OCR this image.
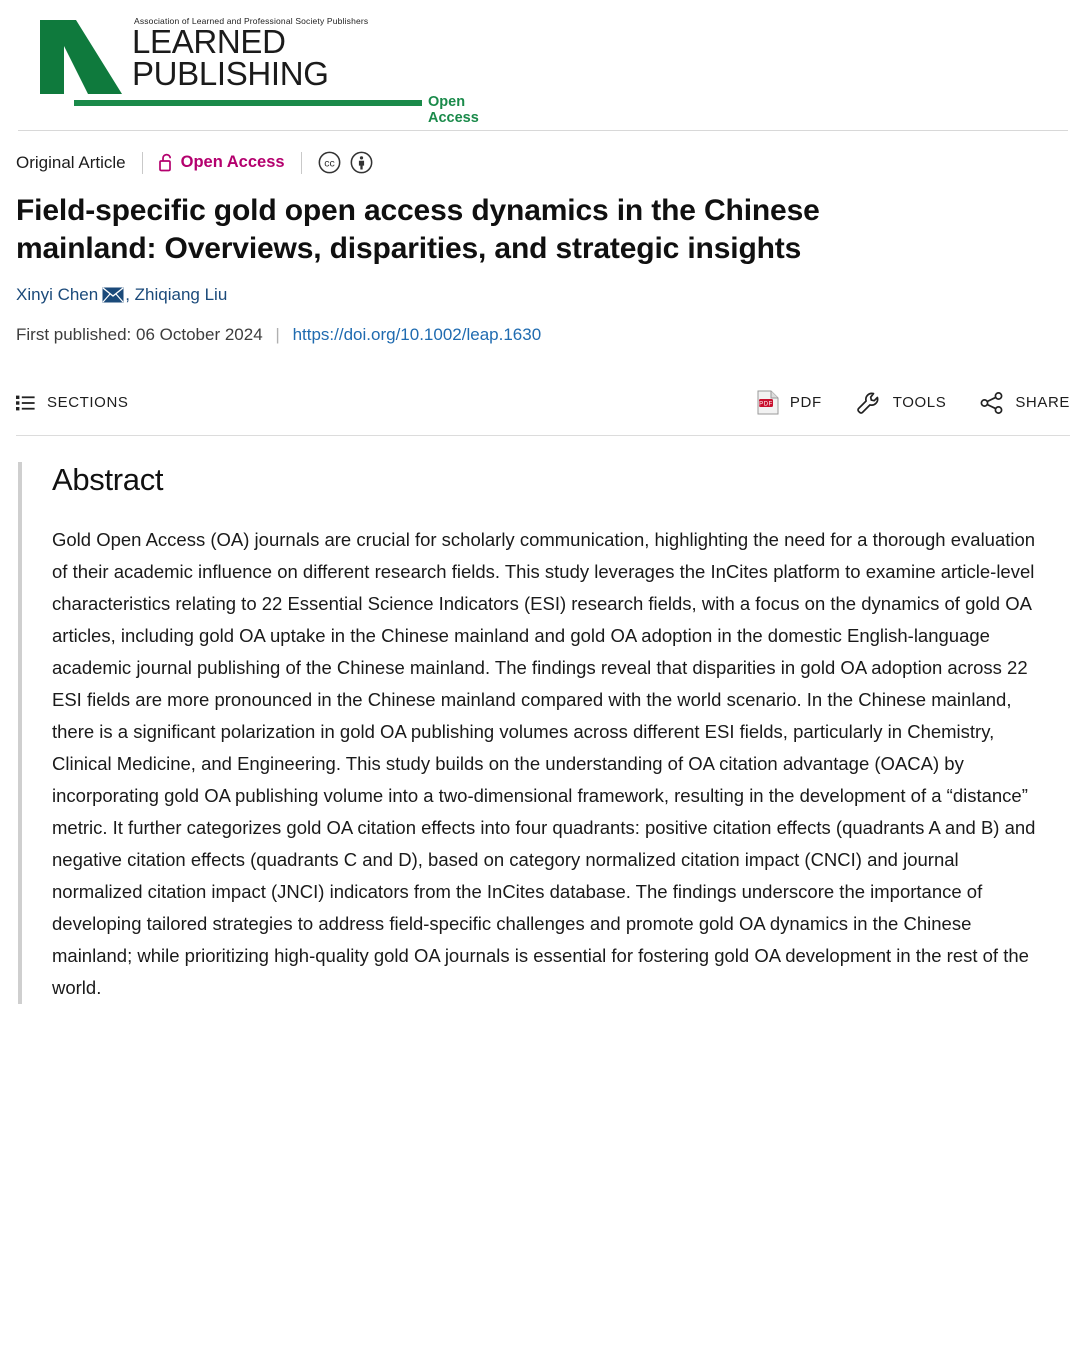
Association of Learned and Professional Society Publishers
LEARNED
PUBLISHING
Open Access
Original Article	Open Access	cc
Field-specific gold open access dynamics in the Chinese mainland: Overviews, disparities, and strategic insights
Xinyi Chen , Zhiqiang Liu
First published: 06 October 2024 | https://doi.org/10.1002/leap.1630
SECTIONS	PDF PDF	TOOLS	SHARE
Abstract

Gold Open Access (OA) journals are crucial for scholarly communication, highlighting the need for a thorough evaluation of their academic influence on different research fields. This study leverages the InCites platform to examine article-level characteristics relating to 22 Essential Science Indicators (ESI) research fields, with a focus on the dynamics of gold OA articles, including gold OA uptake in the Chinese mainland and gold OA adoption in the domestic English-language academic journal publishing of the Chinese mainland. The findings reveal that disparities in gold OA adoption across 22 ESI fields are more pronounced in the Chinese mainland compared with the world scenario. In the Chinese mainland, there is a significant polarization in gold OA publishing volumes across different ESI fields, particularly in Chemistry, Clinical Medicine, and Engineering. This study builds on the understanding of OA citation advantage (OACA) by incorporating gold OA publishing volume into a two-dimensional framework, resulting in the development of a “distance” metric. It further categorizes gold OA citation effects into four quadrants: positive citation effects (quadrants A and B) and negative citation effects (quadrants C and D), based on category normalized citation impact (CNCI) and journal normalized citation impact (JNCI) indicators from the InCites database. The findings underscore the importance of developing tailored strategies to address field-specific challenges and promote gold OA dynamics in the Chinese mainland; while prioritizing high-quality gold OA journals is essential for fostering gold OA development in the rest of the world.
